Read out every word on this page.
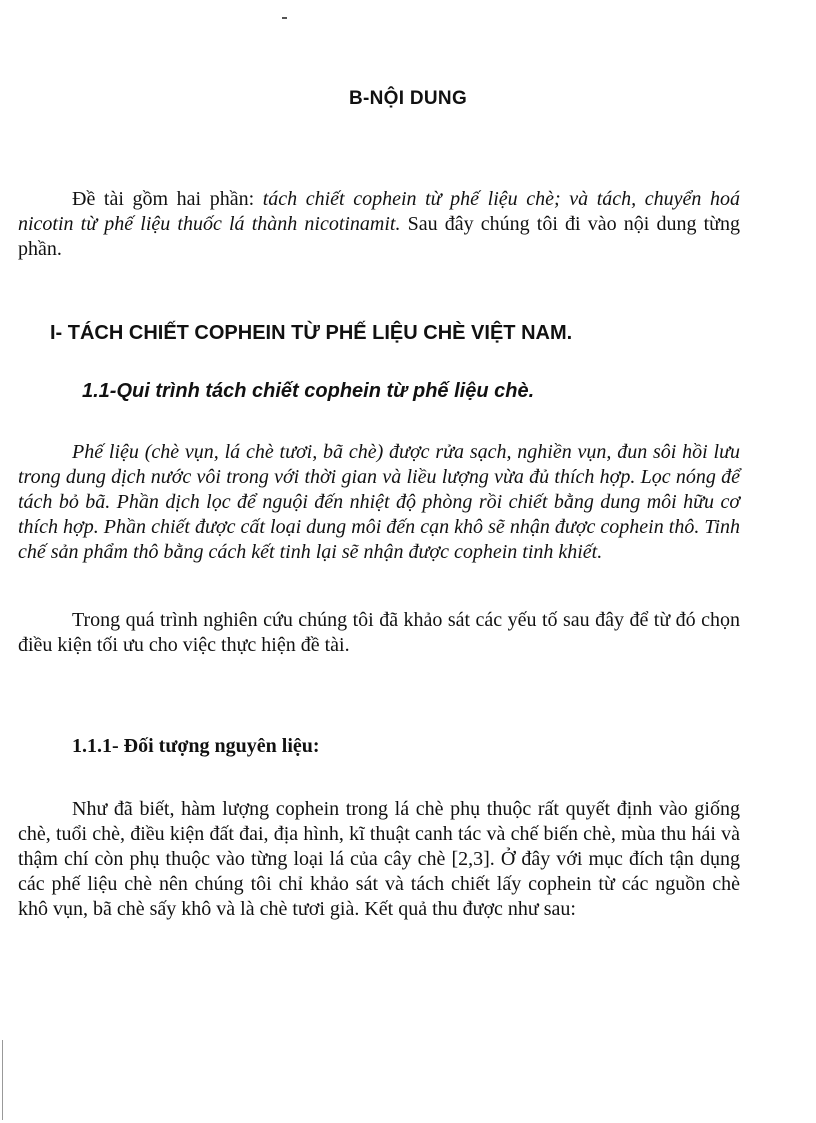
B-NỘI DUNG

Đề tài gồm hai phần: tách chiết cophein từ phế liệu chè; và tách, chuyển hoá nicotin từ phế liệu thuốc lá thành nicotinamit. Sau đây chúng tôi đi vào nội dung từng phần.

I- TÁCH CHIẾT COPHEIN TỪ PHẾ LIỆU CHÈ VIỆT NAM.
1.1-Qui trình tách chiết cophein từ phế liệu chè.

Phế liệu (chè vụn, lá chè tươi, bã chè) được rửa sạch, nghiền vụn, đun sôi hồi lưu trong dung dịch nước vôi trong với thời gian và liều lượng vừa đủ thích hợp. Lọc nóng để tách bỏ bã. Phần dịch lọc để nguội đến nhiệt độ phòng rồi chiết bằng dung môi hữu cơ thích hợp. Phần chiết được cất loại dung môi đến cạn khô sẽ nhận được cophein thô. Tinh chế sản phẩm thô bằng cách kết tinh lại sẽ nhận được cophein tinh khiết.

Trong quá trình nghiên cứu chúng tôi đã khảo sát các yếu tố sau đây để từ đó chọn điều kiện tối ưu cho việc thực hiện đề tài.

1.1.1- Đối tượng nguyên liệu:

Như đã biết, hàm lượng cophein trong lá chè phụ thuộc rất quyết định vào giống chè, tuổi chè, điều kiện đất đai, địa hình, kĩ thuật canh tác và chế biến chè, mùa thu hái và thậm chí còn phụ thuộc vào từng loại lá của cây chè [2,3]. Ở đây với mục đích tận dụng các phế liệu chè nên chúng tôi chỉ khảo sát và tách chiết lấy cophein từ các nguồn chè khô vụn, bã chè sấy khô và là chè tươi già. Kết quả thu được như sau:
